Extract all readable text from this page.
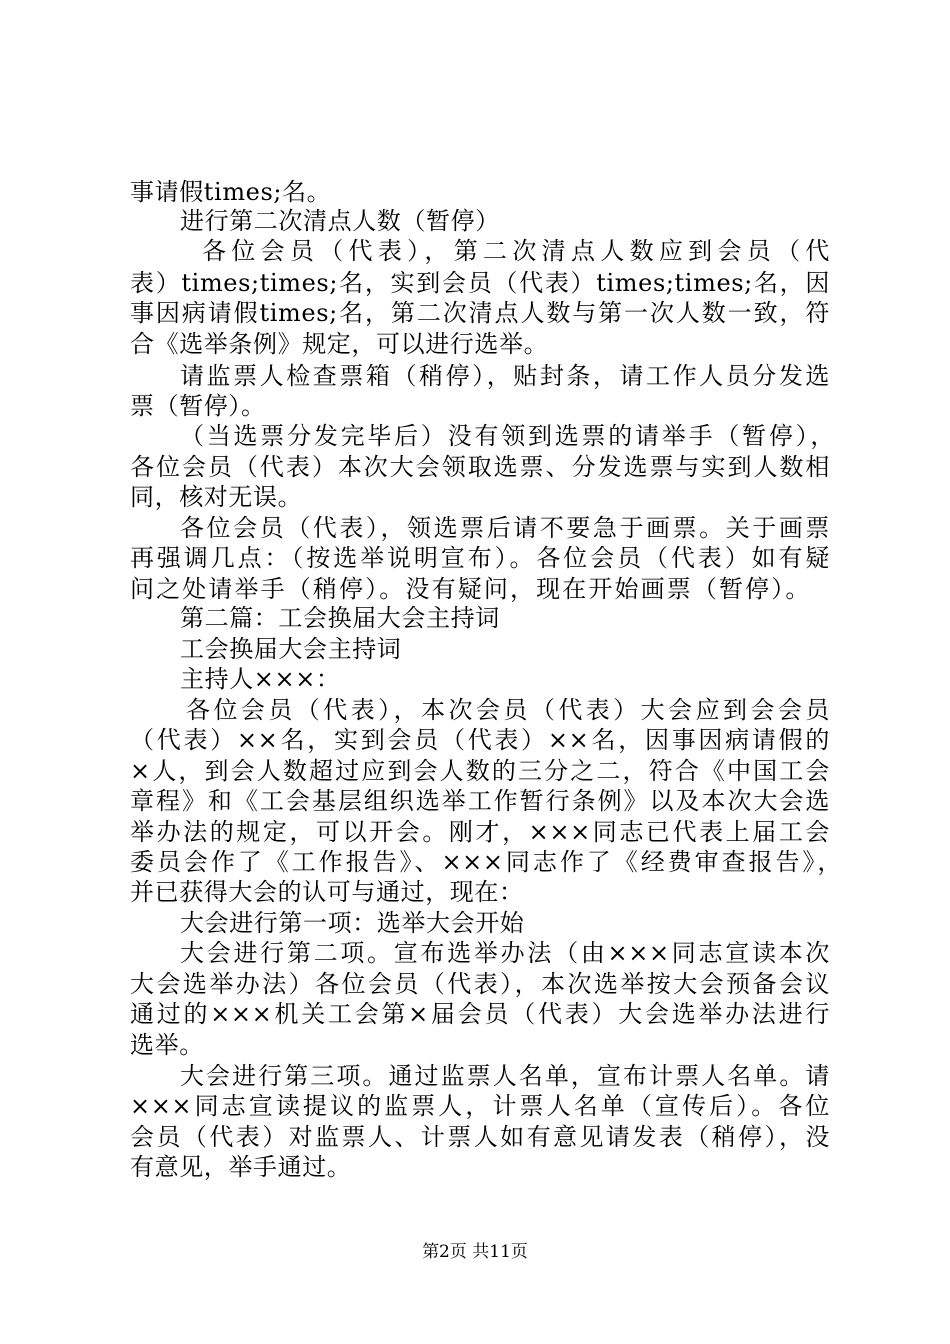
事请假times;名。
进行第二次清点人数（暂停）
各位会员（代表），第二次清点人数应到会员（代
表）times;times;名，实到会员（代表）times;times;名，因
事因病请假times;名，第二次清点人数与第一次人数一致，符
合《选举条例》规定，可以进行选举。
请监票人检查票箱（稍停），贴封条，请工作人员分发选
票（暂停）。
（当选票分发完毕后）没有领到选票的请举手（暂停），
各位会员（代表）本次大会领取选票、分发选票与实到人数相
同，核对无误。
各位会员（代表），领选票后请不要急于画票。关于画票
再强调几点：（按选举说明宣布）。各位会员（代表）如有疑
问之处请举手（稍停）。没有疑问，现在开始画票（暂停）。
第二篇：工会换届大会主持词
工会换届大会主持词
主持人×××：
各位会员（代表），本次会员（代表）大会应到会会员
（代表）××名，实到会员（代表）××名，因事因病请假的
×人，到会人数超过应到会人数的三分之二，符合《中国工会
章程》和《工会基层组织选举工作暂行条例》以及本次大会选
举办法的规定，可以开会。刚才，×××同志已代表上届工会
委员会作了《工作报告》、×××同志作了《经费审查报告》，
并已获得大会的认可与通过，现在：
大会进行第一项：选举大会开始
大会进行第二项。宣布选举办法（由×××同志宣读本次
大会选举办法）各位会员（代表），本次选举按大会预备会议
通过的×××机关工会第×届会员（代表）大会选举办法进行
选举。
大会进行第三项。通过监票人名单，宣布计票人名单。请
×××同志宣读提议的监票人，计票人名单（宣传后）。各位
会员（代表）对监票人、计票人如有意见请发表（稍停），没
有意见，举手通过。
第2页 共11页
